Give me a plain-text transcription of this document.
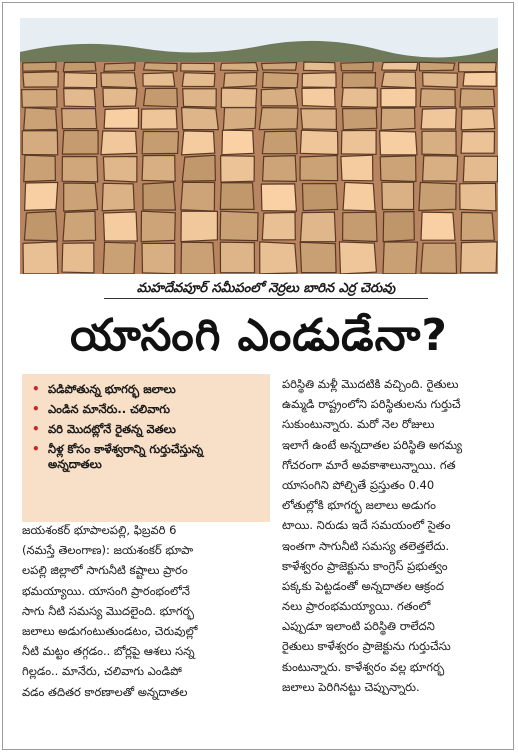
మహదేవపూర్ సమీపంలో నెర్రలు బారిన ఎర్ర చెరువు
యాసంగి ఎండుడేనా?
• పడిపోతున్న భూగర్భ జలాలు
• ఎండిన మానేరు.. చలివాగు
• వరి మొదట్లోనే రైతన్న వెతలు
• నీళ్ల కోసం కాళేశ్వరాన్ని గుర్తుచేస్తున్న అన్నదాతలు
జయశంకర్ భూపాలపల్లి, ఫిబ్రవరి 6
(నమస్తే తెలంగాణ): జయశంకర్ భూపా
లపల్లి జిల్లాలో సాగునీటి కష్టాలు ప్రారం
భమయ్యాయి. యాసంగి ప్రారంభంలోనే
సాగు నీటి సమస్య మొదలైంది. భూగర్భ
జలాలు అడుగంటుతుండటం, చెరువుల్లో
నీటి మట్టం తగ్గడం.. బోర్లపై ఆశలు సన్న
గిల్లడం.. మానేరు, చలివాగు ఎండిపో
వడం తదితర కారణాలతో అన్నదాతల
పరిస్థితి మళ్లీ మొదటికి వచ్చింది. రైతులు
ఉమ్మడి రాష్ట్రంలోని పరిస్థితులను గుర్తుచే
సుకుంటున్నారు. మరో నెల రోజులు
ఇలాగే ఉంటే అన్నదాతల పరిస్థితి అగమ్య
గోచరంగా మారే అవకాశాలున్నాయి. గత
యాసంగిని పోల్చితే ప్రస్తుతం 0.40
లోతుల్లోకి భూగర్భ జలాలు అడుగం
టాయి. నిరుడు ఇదే సమయంలో సైతం
ఇంతగా సాగునీటి సమస్య తలెత్తలేదు.
కాళేశ్వరం ప్రాజెక్టును కాంగ్రెస్ ప్రభుత్వం
పక్కకు పెట్టడంతో అన్నదాతల ఆక్రంద
నలు ప్రారంభమయ్యాయి. గతంలో
ఎప్పుడూ ఇలాంటి పరిస్థితి రాలేదని
రైతులు కాళేశ్వరం ప్రాజెక్టును గుర్తుచేసు
కుంటున్నారు. కాళేశ్వరం వల్ల భూగర్భ
జలాలు పెరిగినట్టు చెప్పున్నారు.
